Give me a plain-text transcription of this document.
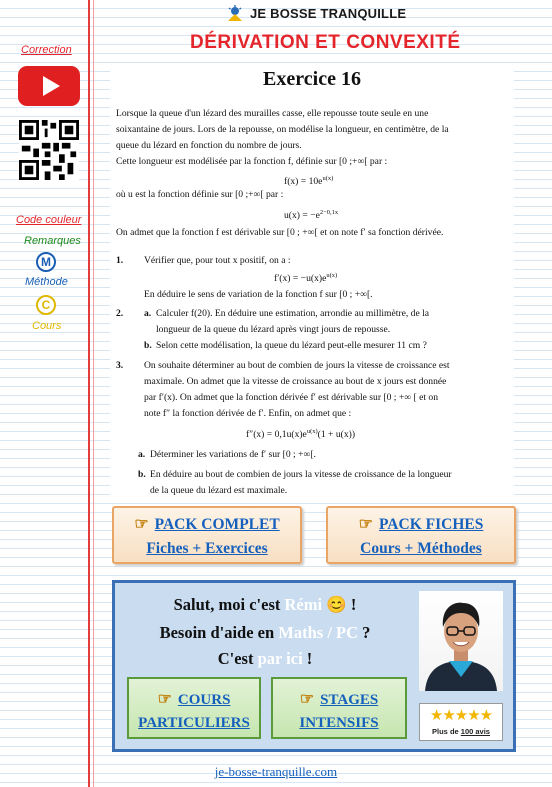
JE BOSSE TRANQUILLE
DÉRIVATION ET CONVEXITÉ
Correction
Code couleur
Remarques
M
Méthode
C
Cours
Exercice 16
Lorsque la queue d'un lézard des murailles casse, elle repousse toute seule en une
soixantaine de jours. Lors de la repousse, on modélise la longueur, en centimètre, de la
queue du lézard en fonction du nombre de jours.
Cette longueur est modélisée par la fonction f, définie sur [0 ;+∞[ par :
$f(x) = 10e^{u(x)}$
où u est la fonction définie sur [0 ;+∞[ par :
$u(x) = -e^{2-0,1x}$
On admet que la fonction f est dérivable sur [0 ; +∞[ et on note f′ sa fonction dérivée.
1. Vérifier que, pour tout x positif, on a :
$f'(x) = -u(x)e^{u(x)}$
En déduire le sens de variation de la fonction f sur [0 ; +∞[.
2. a. Calculer f(20). En déduire une estimation, arrondie au millimètre, de la
longueur de la queue du lézard après vingt jours de repousse.
b. Selon cette modélisation, la queue du lézard peut-elle mesurer 11 cm ?
3. On souhaite déterminer au bout de combien de jours la vitesse de croissance est
maximale. On admet que la vitesse de croissance au bout de x jours est donnée
par f′(x). On admet que la fonction dérivée f′ est dérivable sur [0 ; +∞ [ et on
note f″ la fonction dérivée de f′. Enfin, on admet que :
$f''(x) = 0,1u(x)e^{u(x)}(1 + u(x))$
a. Déterminer les variations de f′ sur [0 ; +∞[.
b. En déduire au bout de combien de jours la vitesse de croissance de la longueur
de la queue du lézard est maximale.
☞ PACK COMPLET
Fiches + Exercices
☞ PACK FICHES
Cours + Méthodes
Salut, moi c'est Rémi 😊 !
Besoin d'aide en Maths / PC ?
C'est par ici !
☞ COURS
PARTICULIERS
☞ STAGES
INTENSIFS	★★★★★
Plus de 100 avis
je-bosse-tranquille.com
